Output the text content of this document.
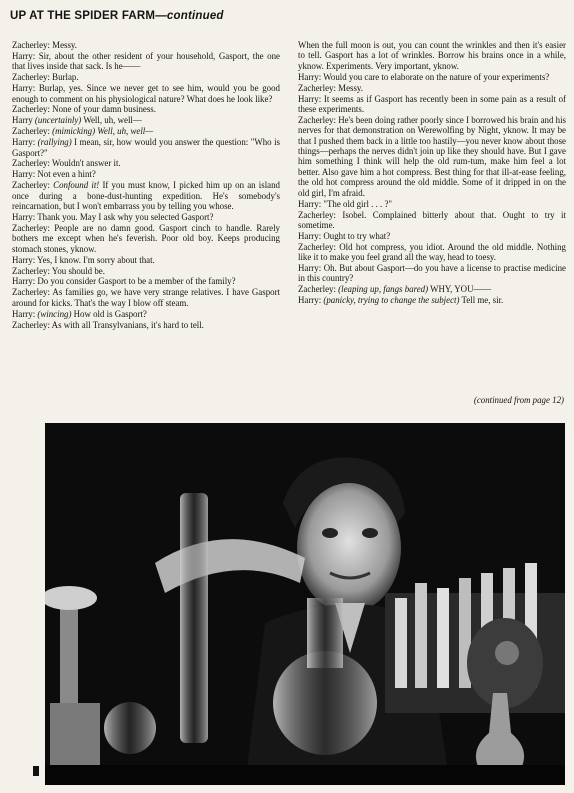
UP AT THE SPIDER FARM—continued
Zacherley: Messy.
Harry: Sir, about the other resident of your household, Gasport, the one that lives inside that sack. Is he——
Zacherley: Burlap.
Harry: Burlap, yes. Since we never get to see him, would you be good enough to comment on his physiological nature? What does he look like?
Zacherley: None of your damn business.
Harry (uncertainly) Well, uh, well—
Zacherley: (mimicking) Well, uh, well—
Harry: (rallying) I mean, sir, how would you answer the question: "Who is Gasport?"
Zacherley: Wouldn't answer it.
Harry: Not even a hint?
Zacherley: Confound it! If you must know, I picked him up on an island once during a bone-dust-hunting expedition. He's somebody's reincarnation, but I won't embarrass you by telling you whose.
Harry: Thank you. May I ask why you selected Gasport?
Zacherley: People are no damn good. Gasport cinch to handle. Rarely bothers me except when he's feverish. Poor old boy. Keeps producing stomach stones, yknow.
Harry: Yes, I know. I'm sorry about that.
Zacherley: You should be.
Harry: Do you consider Gasport to be a member of the family?
Zacherley: As families go, we have very strange relatives. I have Gasport around for kicks. That's the way I blow off steam.
Harry: (wincing) How old is Gasport?
Zacherley: As with all Transylvanians, it's hard to tell.
When the full moon is out, you can count the wrinkles and then it's easier to tell. Gasport has a lot of wrinkles. Borrow his brains once in a while, yknow. Experiments. Very important, yknow.
Harry: Would you care to elaborate on the nature of your experiments?
Zacherley: Messy.
Harry: It seems as if Gasport has recently been in some pain as a result of these experiments.
Zacherley: He's been doing rather poorly since I borrowed his brain and his nerves for that demonstration on Werewolfing by Night, yknow. It may be that I pushed them back in a little too hastily—you never know about those things—perhaps the nerves didn't join up like they should have. But I gave him something I think will help the old rum-tum, make him feel a lot better. Also gave him a hot compress. Best thing for that ill-at-ease feeling, the old hot compress around the old middle. Some of it dripped in on the old girl, I'm afraid.
Harry: "The old girl . . . ?"
Zacherley: Isobel. Complained bitterly about that. Ought to try it sometime.
Harry: Ought to try what?
Zacherley: Old hot compress, you idiot. Around the old middle. Nothing like it to make you feel grand all the way, head to toesy.
Harry: Oh. But about Gasport—do you have a license to practise medicine in this country?
Zacherley: (leaping up, fangs bared) WHY, YOU——
Harry: (panicky, trying to change the subject) Tell me, sir.
(continued from page 12)
